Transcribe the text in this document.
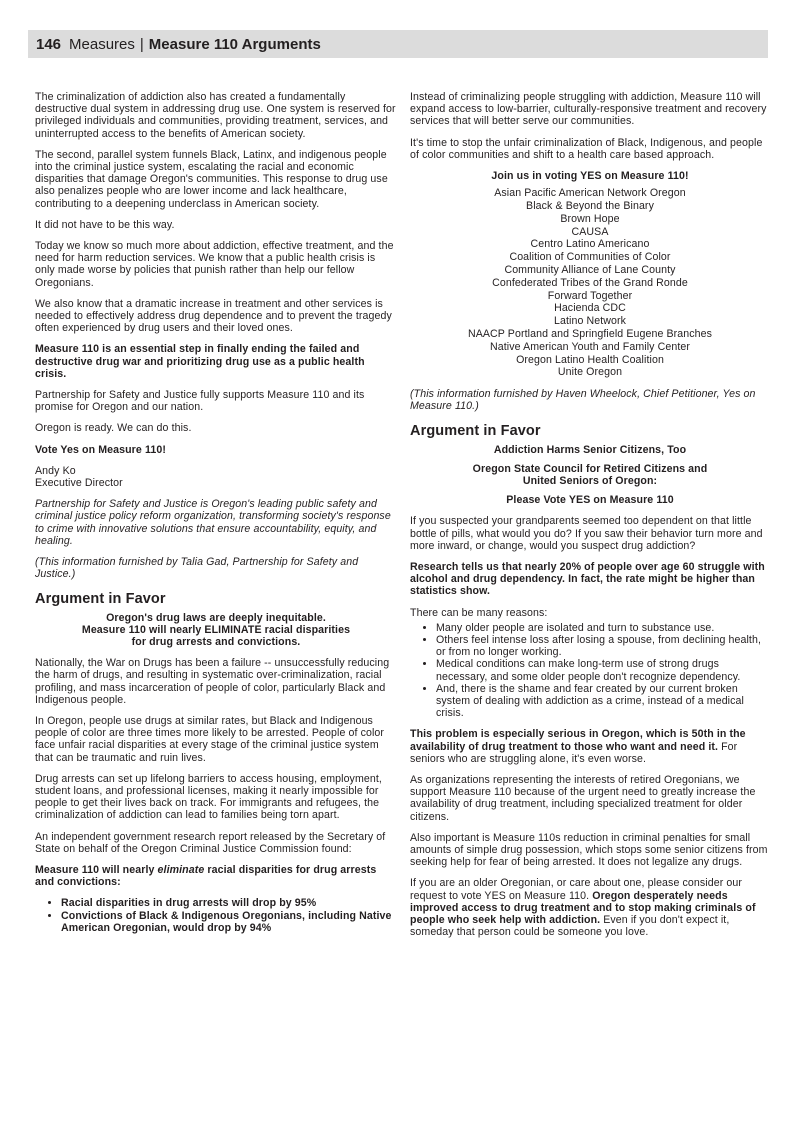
146 Measures | Measure 110 Arguments

The criminalization of addiction also has created a fundamentally destructive dual system in addressing drug use. One system is reserved for privileged individuals and communities, providing treatment, services, and uninterrupted access to the benefits of American society.

The second, parallel system funnels Black, Latinx, and indigenous people into the criminal justice system, escalating the racial and economic disparities that damage Oregon's communities. This response to drug use also penalizes people who are lower income and lack healthcare, contributing to a deepening underclass in American society.

It did not have to be this way.

Today we know so much more about addiction, effective treatment, and the need for harm reduction services. We know that a public health crisis is only made worse by policies that punish rather than help our fellow Oregonians.

We also know that a dramatic increase in treatment and other services is needed to effectively address drug dependence and to prevent the tragedy often experienced by drug users and their loved ones.

Measure 110 is an essential step in finally ending the failed and destructive drug war and prioritizing drug use as a public health crisis.

Partnership for Safety and Justice fully supports Measure 110 and its promise for Oregon and our nation.

Oregon is ready. We can do this.

Vote Yes on Measure 110!

Andy Ko
Executive Director

Partnership for Safety and Justice is Oregon's leading public safety and criminal justice policy reform organization, transforming society's response to crime with innovative solutions that ensure accountability, equity, and healing.

(This information furnished by Talia Gad, Partnership for Safety and Justice.)

Argument in Favor

Oregon's drug laws are deeply inequitable.
Measure 110 will nearly ELIMINATE racial disparities
for drug arrests and convictions.

Nationally, the War on Drugs has been a failure -- unsuccessfully reducing the harm of drugs, and resulting in systematic over-criminalization, racial profiling, and mass incarceration of people of color, particularly Black and Indigenous people.

In Oregon, people use drugs at similar rates, but Black and Indigenous people of color are three times more likely to be arrested. People of color face unfair racial disparities at every stage of the criminal justice system that can be traumatic and ruin lives.

Drug arrests can set up lifelong barriers to access housing, employment, student loans, and professional licenses, making it nearly impossible for people to get their lives back on track. For immigrants and refugees, the criminalization of addiction can lead to families being torn apart.

An independent government research report released by the Secretary of State on behalf of the Oregon Criminal Justice Commission found:

Measure 110 will nearly eliminate racial disparities for drug arrests and convictions:

• Racial disparities in drug arrests will drop by 95%
• Convictions of Black & Indigenous Oregonians, including Native American Oregonian, would drop by 94%

Instead of criminalizing people struggling with addiction, Measure 110 will expand access to low-barrier, culturally-responsive treatment and recovery services that will better serve our communities.

It's time to stop the unfair criminalization of Black, Indigenous, and people of color communities and shift to a health care based approach.

Join us in voting YES on Measure 110!

Asian Pacific American Network Oregon
Black & Beyond the Binary
Brown Hope
CAUSA
Centro Latino Americano
Coalition of Communities of Color
Community Alliance of Lane County
Confederated Tribes of the Grand Ronde
Forward Together
Hacienda CDC
Latino Network
NAACP Portland and Springfield Eugene Branches
Native American Youth and Family Center
Oregon Latino Health Coalition
Unite Oregon

(This information furnished by Haven Wheelock, Chief Petitioner, Yes on Measure 110.)

Argument in Favor

Addiction Harms Senior Citizens, Too

Oregon State Council for Retired Citizens and
United Seniors of Oregon:

Please Vote YES on Measure 110

If you suspected your grandparents seemed too dependent on that little bottle of pills, what would you do? If you saw their behavior turn more and more inward, or change, would you suspect drug addiction?

Research tells us that nearly 20% of people over age 60 struggle with alcohol and drug dependency. In fact, the rate might be higher than statistics show.

There can be many reasons:

• Many older people are isolated and turn to substance use.
• Others feel intense loss after losing a spouse, from declining health, or from no longer working.
• Medical conditions can make long-term use of strong drugs necessary, and some older people don't recognize dependency.
• And, there is the shame and fear created by our current broken system of dealing with addiction as a crime, instead of a medical crisis.

This problem is especially serious in Oregon, which is 50th in the availability of drug treatment to those who want and need it. For seniors who are struggling alone, it's even worse.

As organizations representing the interests of retired Oregonians, we support Measure 110 because of the urgent need to greatly increase the availability of drug treatment, including specialized treatment for older citizens.

Also important is Measure 110s reduction in criminal penalties for small amounts of simple drug possession, which stops some senior citizens from seeking help for fear of being arrested. It does not legalize any drugs.

If you are an older Oregonian, or care about one, please consider our request to vote YES on Measure 110. Oregon desperately needs improved access to drug treatment and to stop making criminals of people who seek help with addiction. Even if you don't expect it, someday that person could be someone you love.
